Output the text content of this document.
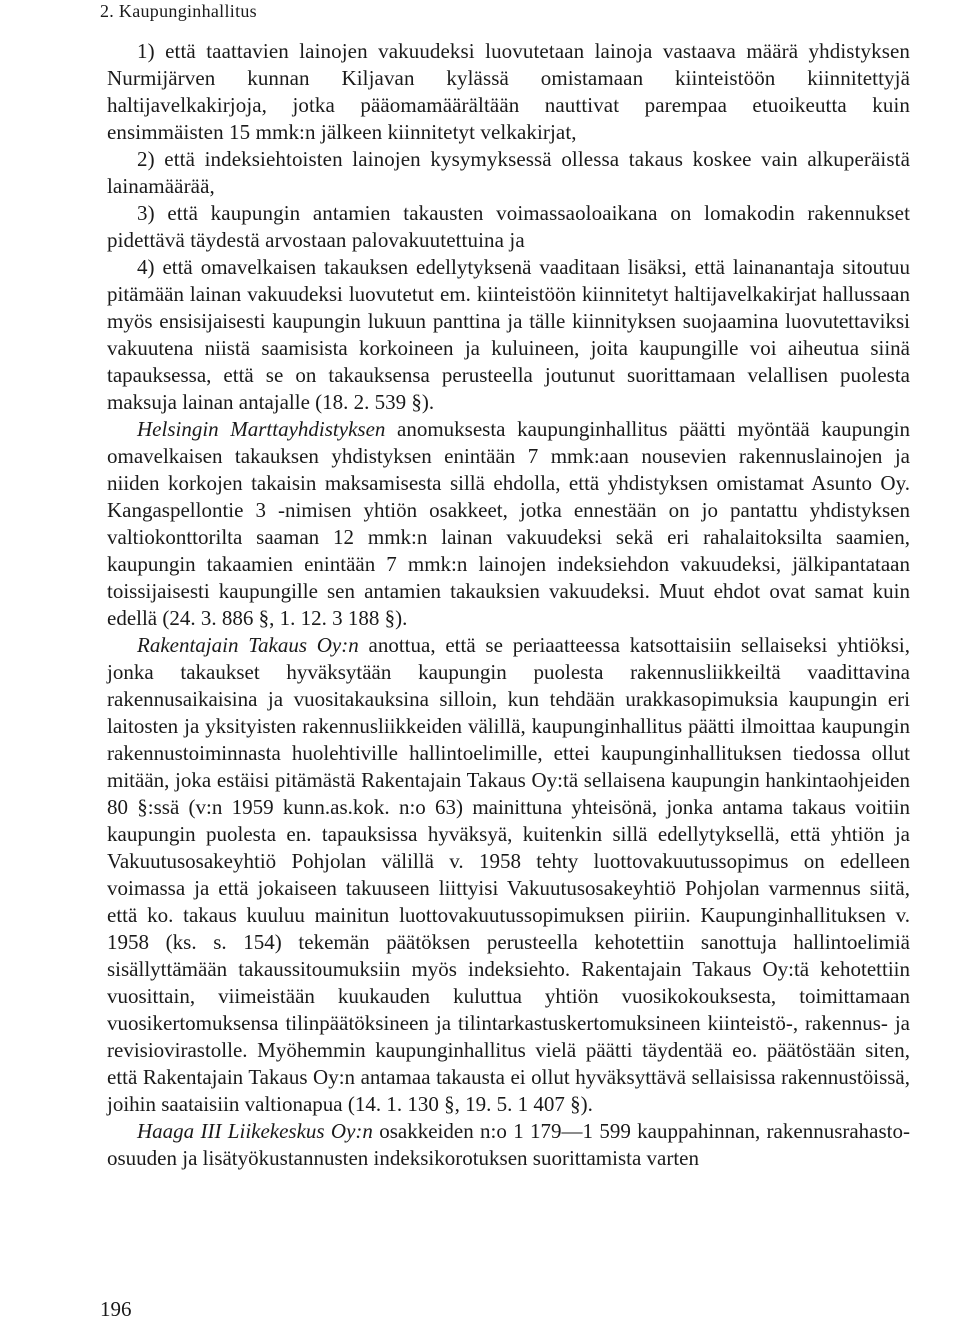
2. Kaupunginhallitus

1) että taattavien lainojen vakuudeksi luovutetaan lainoja vastaava määrä yhdistyksen Nurmijärven kunnan Kiljavan kylässä omistamaan kiinteistöön kiinnitettyjä haltijavelkakirjoja, jotka pääomamäärältään nauttivat parempaa etuoikeutta kuin ensimmäisten 15 mmk:n jälkeen kiinnitetyt velkakirjat,

2) että indeksiehtoisten lainojen kysymyksessä ollessa takaus koskee vain alkuperäistä lainamäärää,

3) että kaupungin antamien takausten voimassaoloaikana on lomakodin rakennukset pidettävä täydestä arvostaan palovakuutettuina ja

4) että omavelkaisen takauksen edellytyksenä vaaditaan lisäksi, että lainanantaja sitoutuu pitämään lainan vakuudeksi luovutetut em. kiinteistöön kiinnitetyt haltijavelkakirjat hallussaan myös ensisijaisesti kaupungin lukuun panttina ja tälle kiinnityksen suojaamina luovutettaviksi vakuutena niistä saamisista korkoineen ja kuluineen, joita kaupungille voi aiheutua siinä tapauksessa, että se on takauksensa perusteella joutunut suorittamaan velallisen puolesta maksuja lainan antajalle (18. 2. 539 §).

Helsingin Marttayhdistyksen anomuksesta kaupunginhallitus päätti myöntää kaupungin omavelkaisen takauksen yhdistyksen enintään 7 mmk:aan nousevien rakennuslainojen ja niiden korkojen takaisin maksamisesta sillä ehdolla, että yhdistyksen omistamat Asunto Oy. Kangaspellontie 3 -nimisen yhtiön osakkeet, jotka ennestään on jo pantattu yhdistyksen valtiokonttorilta saaman 12 mmk:n lainan vakuudeksi sekä eri rahalaitoksilta saamien, kaupungin takaamien enintään 7 mmk:n lainojen indeksiehdon vakuudeksi, jälkipantataan toissijaisesti kaupungille sen antamien takauksien vakuudeksi. Muut ehdot ovat samat kuin edellä (24. 3. 886 §, 1. 12. 3 188 §).

Rakentajain Takaus Oy:n anottua, että se periaatteessa katsottaisiin sellaiseksi yhtiöksi, jonka takaukset hyväksytään kaupungin puolesta rakennusliikkeiltä vaadittavina rakennusaikaisina ja vuositakauksina silloin, kun tehdään urakkasopimuksia kaupungin eri laitosten ja yksityisten rakennusliikkeiden välillä, kaupunginhallitus päätti ilmoittaa kaupungin rakennustoiminnasta huolehtiville hallintoelimille, ettei kaupunginhallituksen tiedossa ollut mitään, joka estäisi pitämästä Rakentajain Takaus Oy:tä sellaisena kaupungin hankintaohjeiden 80 §:ssä (v:n 1959 kunn.as.kok. n:o 63) mainittuna yhteisönä, jonka antama takaus voitiin kaupungin puolesta en. tapauksissa hyväksyä, kuitenkin sillä edellytyksellä, että yhtiön ja Vakuutusosakeyhtiö Pohjolan välillä v. 1958 tehty luottovakuutussopimus on edelleen voimassa ja että jokaiseen takuuseen liittyisi Vakuutusosakeyhtiö Pohjolan varmennus siitä, että ko. takaus kuuluu mainitun luottovakuutussopimuksen piiriin. Kaupunginhallituksen v. 1958 (ks. s. 154) tekemän päätöksen perusteella kehotettiin sanottuja hallintoelimiä sisällyttämään takaussitoumuksiin myös indeksiehto. Rakentajain Takaus Oy:tä kehotettiin vuosittain, viimeistään kuukauden kuluttua yhtiön vuosikokouksesta, toimittamaan vuosikertomuksensa tilinpäätöksineen ja tilintarkastuskertomuksineen kiinteistö-, rakennus- ja revisiovirastolle. Myöhemmin kaupunginhallitus vielä päätti täydentää eo. päätöstään siten, että Rakentajain Takaus Oy:n antamaa takausta ei ollut hyväksyttävä sellaisissa rakennustöissä, joihin saataisiin valtionapua (14. 1. 130 §, 19. 5. 1 407 §).

Haaga III Liikekeskus Oy:n osakkeiden n:o 1 179—1 599 kauppahinnan, rakennusrahasto-osuuden ja lisätyökustannusten indeksikorotuksen suorittamista varten

196
